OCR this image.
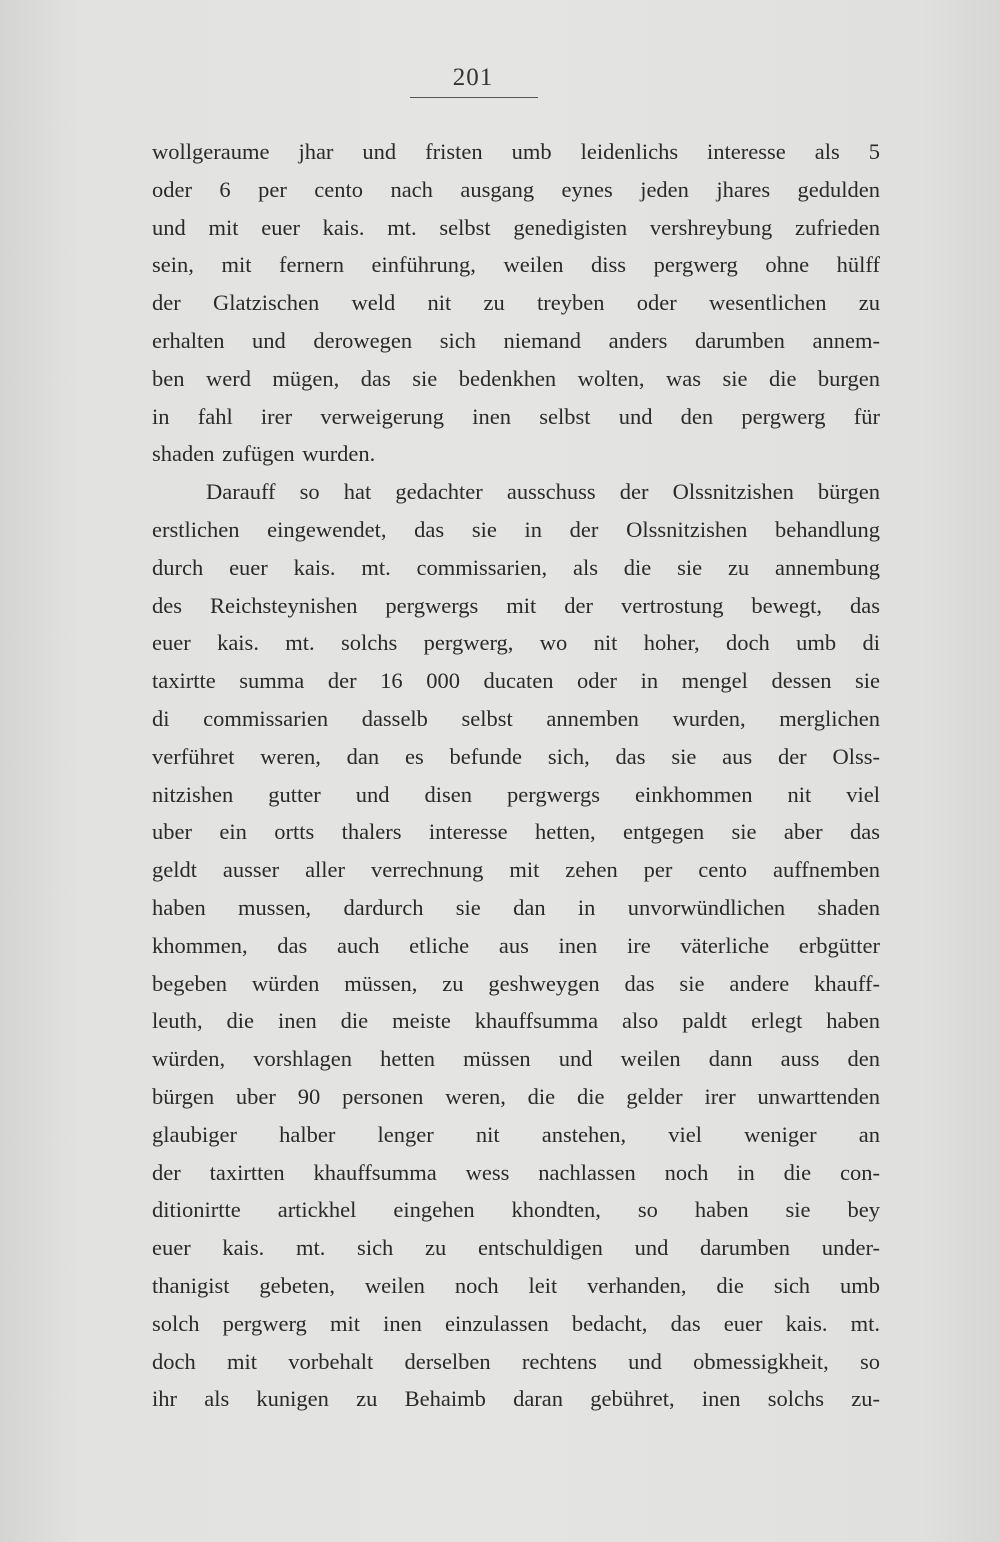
201
wollgeraume jhar und fristen umb leidenlichs interesse als 5
oder 6 per cento nach ausgang eynes jeden jhares gedulden
und mit euer kais. mt. selbst genedigisten vershreybung zufrieden
sein, mit fernern einführung, weilen diss pergwerg ohne hülff
der Glatzischen weld nit zu treyben oder wesentlichen zu
erhalten und derowegen sich niemand anders darumben annem-
ben werd mügen, das sie bedenkhen wolten, was sie die burgen
in fahl irer verweigerung inen selbst und den pergwerg für
shaden zufügen wurden.
Darauff so hat gedachter ausschuss der Olssnitzishen bürgen
erstlichen eingewendet, das sie in der Olssnitzishen behandlung
durch euer kais. mt. commissarien, als die sie zu annembung
des Reichsteynishen pergwergs mit der vertrostung bewegt, das
euer kais. mt. solchs pergwerg, wo nit hoher, doch umb di
taxirtte summa der 16 000 ducaten oder in mengel dessen sie
di commissarien dasselb selbst annemben wurden, merglichen
verführet weren, dan es befunde sich, das sie aus der Olss-
nitzishen gutter und disen pergwergs einkhommen nit viel
uber ein ortts thalers interesse hetten, entgegen sie aber das
geldt ausser aller verrechnung mit zehen per cento auffnemben
haben mussen, dardurch sie dan in unvorwündlichen shaden
khommen, das auch etliche aus inen ire väterliche erbgütter
begeben würden müssen, zu geshweygen das sie andere khauff-
leuth, die inen die meiste khauffsumma also paldt erlegt haben
würden, vorshlagen hetten müssen und weilen dann auss den
bürgen uber 90 personen weren, die die gelder irer unwarttenden
glaubiger halber lenger nit anstehen, viel weniger an
der taxirtten khauffsumma wess nachlassen noch in die con-
ditionirtte artickhel eingehen khondten, so haben sie bey
euer kais. mt. sich zu entschuldigen und darumben under-
thanigist gebeten, weilen noch leit verhanden, die sich umb
solch pergwerg mit inen einzulassen bedacht, das euer kais. mt.
doch mit vorbehalt derselben rechtens und obmessigkheit, so
ihr als kunigen zu Behaimb daran gebühret, inen solchs zu-
